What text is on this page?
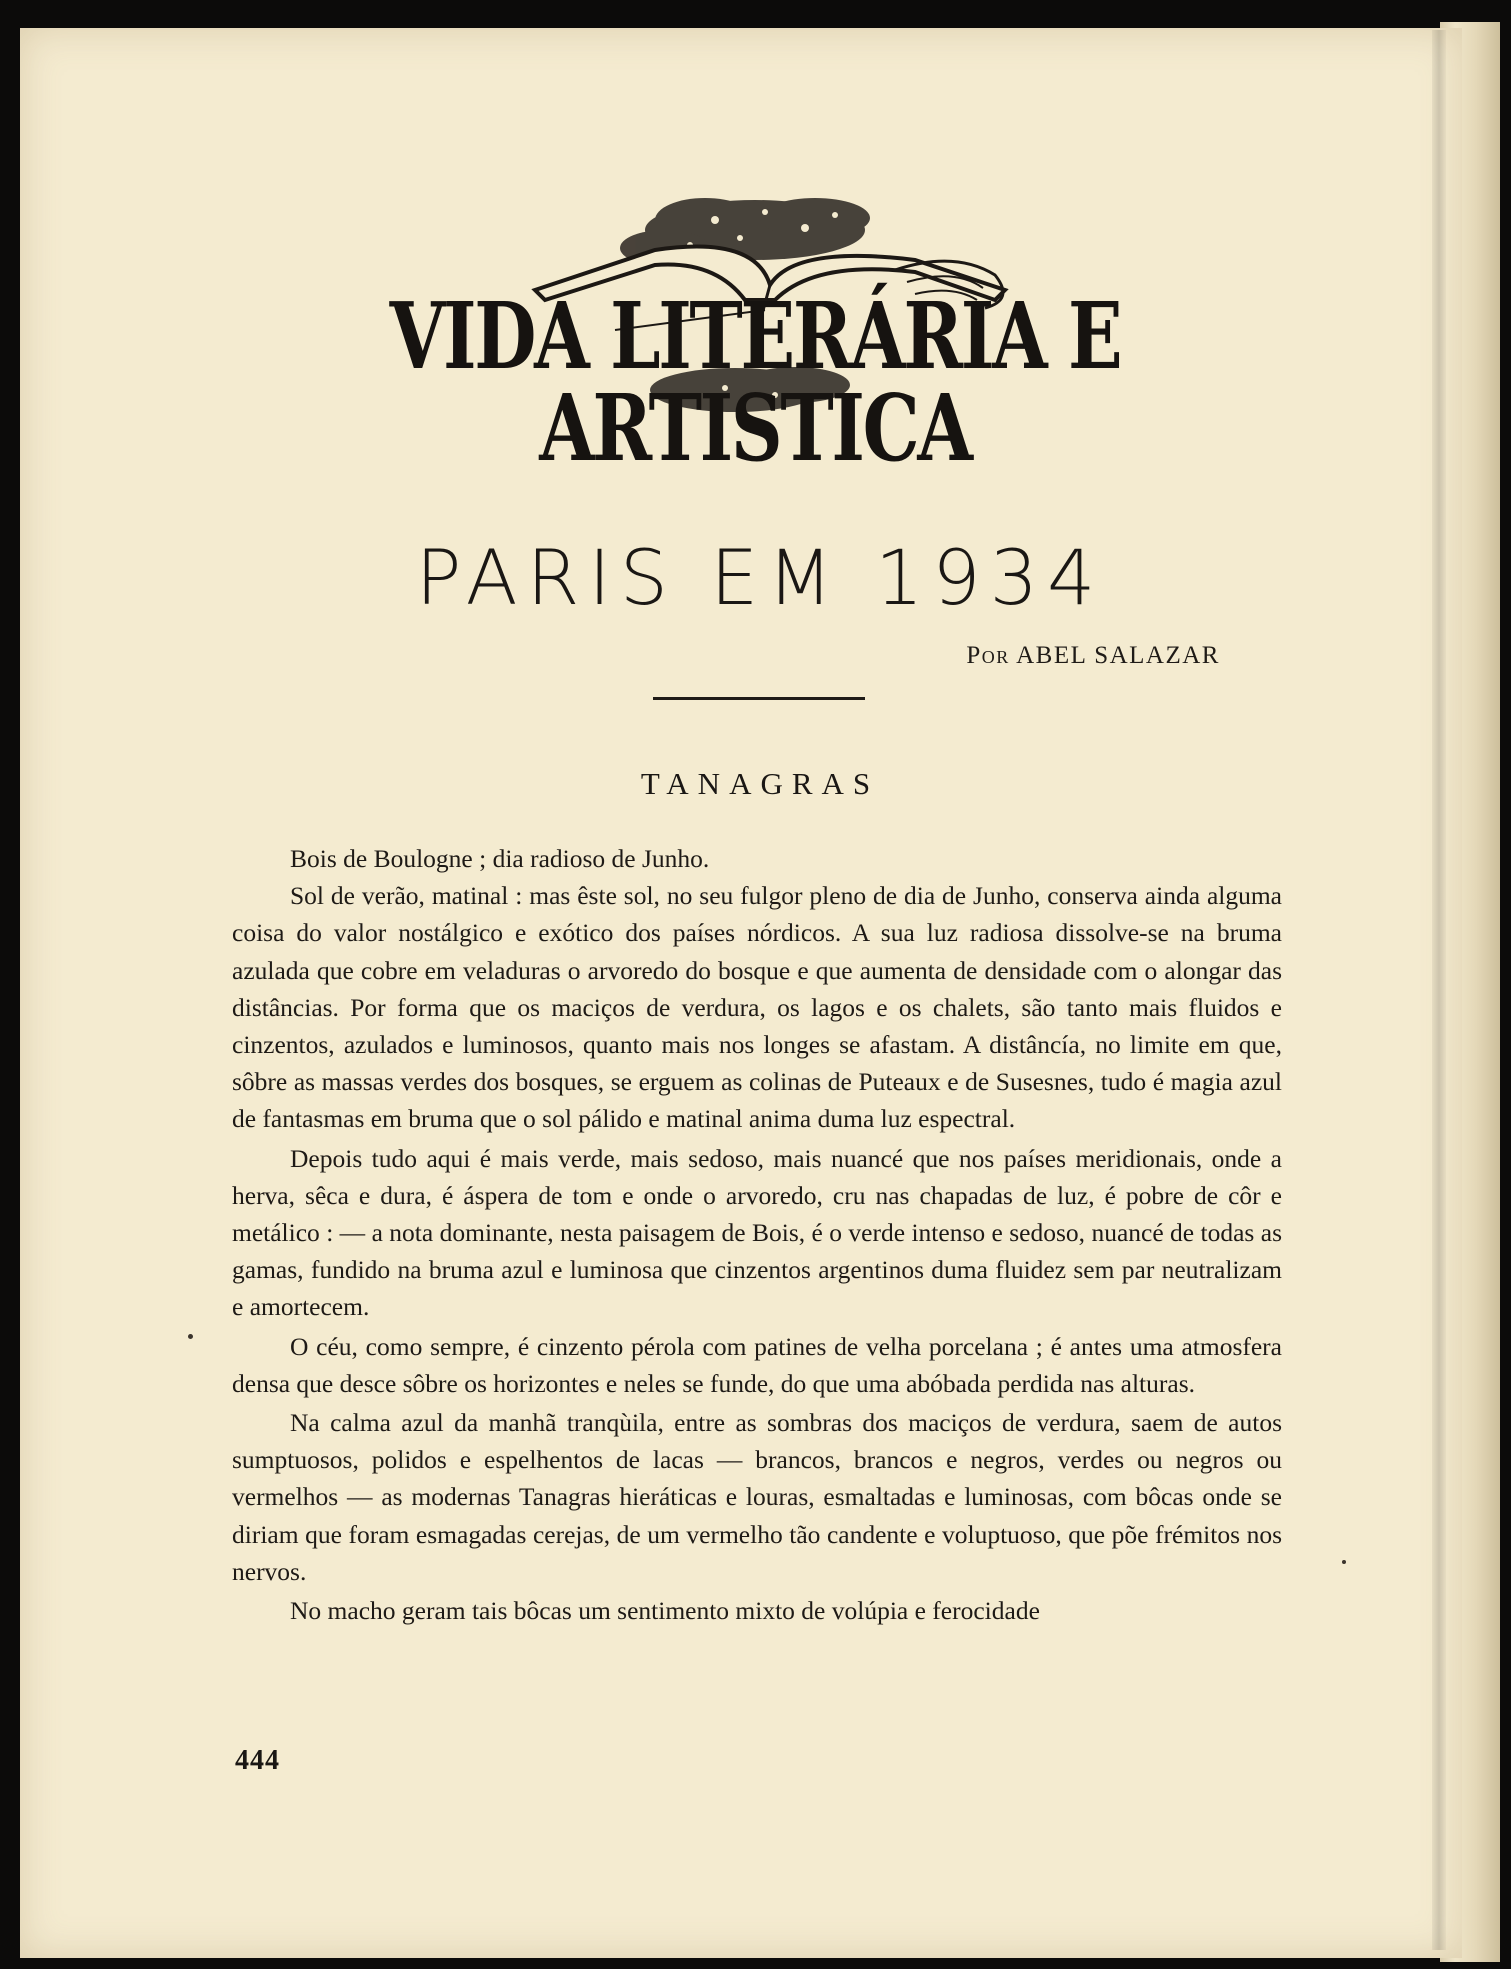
VIDA LITERÁRIA E ARTISTICA
PARIS EM 1934
Por ABEL SALAZAR
TANAGRAS

Bois de Boulogne ; dia radioso de Junho.

Sol de verão, matinal : mas êste sol, no seu fulgor pleno de dia de Junho, conserva ainda alguma coisa do valor nostálgico e exótico dos países nórdicos. A sua luz radiosa dissolve-se na bruma azulada que cobre em veladuras o arvoredo do bosque e que aumenta de densidade com o alongar das distâncias. Por forma que os maciços de verdura, os lagos e os chalets, são tanto mais fluidos e cinzentos, azulados e luminosos, quanto mais nos longes se afastam. A distâncía, no limite em que, sôbre as massas verdes dos bosques, se erguem as colinas de Puteaux e de Susesnes, tudo é magia azul de fantasmas em bruma que o sol pálido e matinal anima duma luz espectral.

Depois tudo aqui é mais verde, mais sedoso, mais nuancé que nos países meridionais, onde a herva, sêca e dura, é áspera de tom e onde o arvoredo, cru nas chapadas de luz, é pobre de côr e metálico : — a nota dominante, nesta paisagem de Bois, é o verde intenso e sedoso, nuancé de todas as gamas, fundido na bruma azul e luminosa que cinzentos argentinos duma fluidez sem par neutralizam e amortecem.

O céu, como sempre, é cinzento pérola com patines de velha porcelana ; é antes uma atmosfera densa que desce sôbre os horizontes e neles se funde, do que uma abóbada perdida nas alturas.

Na calma azul da manhã tranqùila, entre as sombras dos maciços de verdura, saem de autos sumptuosos, polidos e espelhentos de lacas — brancos, brancos e negros, verdes ou negros ou vermelhos — as modernas Tanagras hieráticas e louras, esmaltadas e luminosas, com bôcas onde se diriam que foram esmagadas cerejas, de um vermelho tão candente e voluptuoso, que põe frémitos nos nervos.

No macho geram tais bôcas um sentimento mixto de volúpia e ferocidade

444
